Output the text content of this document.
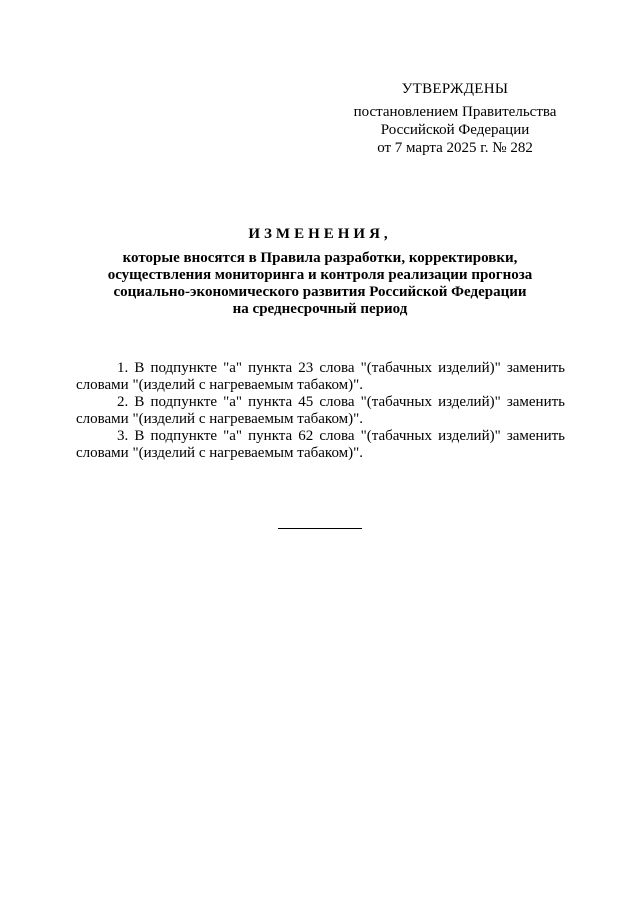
УТВЕРЖДЕНЫ
постановлением Правительства
Российской Федерации
от 7 марта 2025 г. № 282
ИЗМЕНЕНИЯ,
которые вносятся в Правила разработки, корректировки,
осуществления мониторинга и контроля реализации прогноза
социально-экономического развития Российской Федерации
на среднесрочный период

1. В подпункте "а" пункта 23 слова "(табачных изделий)" заменить словами "(изделий с нагреваемым табаком)".

2. В подпункте "а" пункта 45 слова "(табачных изделий)" заменить словами "(изделий с нагреваемым табаком)".

3. В подпункте "а" пункта 62 слова "(табачных изделий)" заменить словами "(изделий с нагреваемым табаком)".
